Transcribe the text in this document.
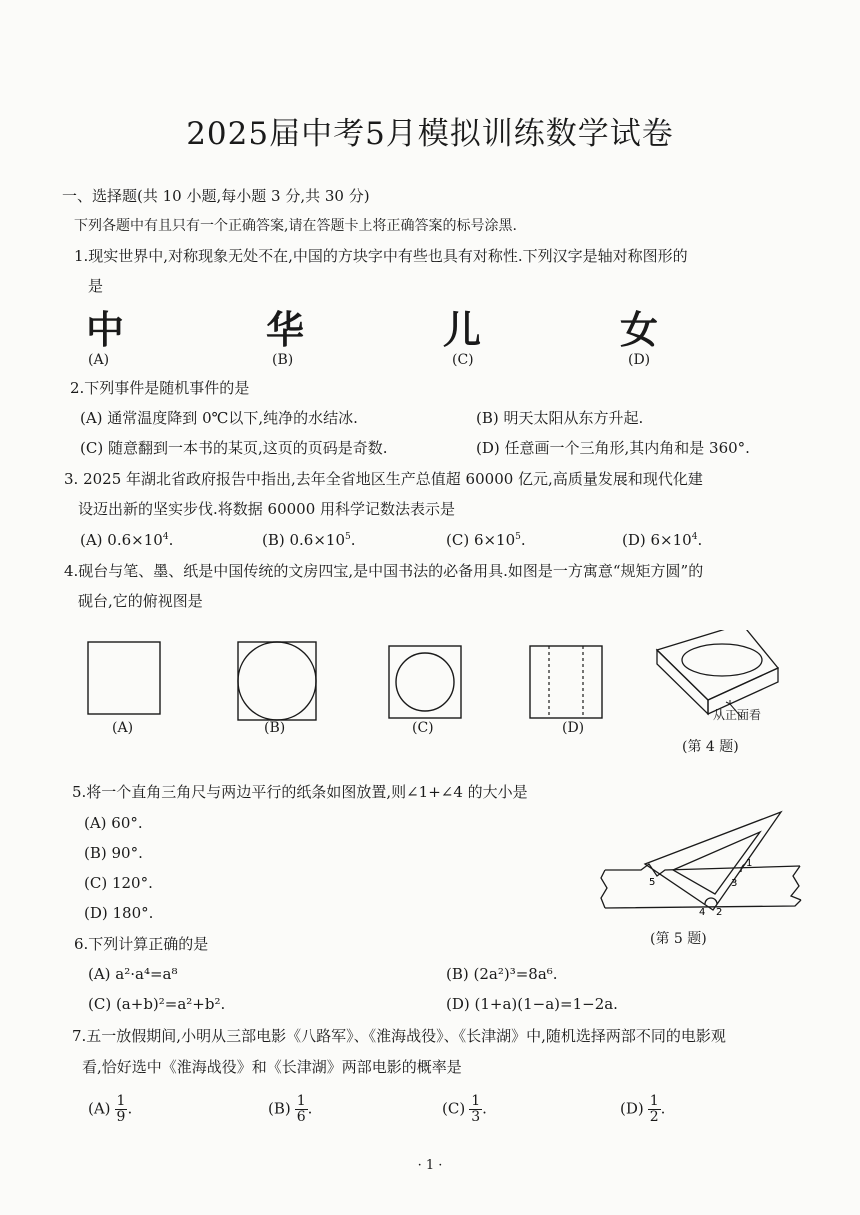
2025届中考5月模拟训练数学试卷
一、选择题(共 10 小题,每小题 3 分,共 30 分)
下列各题中有且只有一个正确答案,请在答题卡上将正确答案的标号涂黑.
1.现实世界中,对称现象无处不在,中国的方块字中有些也具有对称性.下列汉字是轴对称图形的
是
中	华	儿	女
(A)	(B)	(C)	(D)
2.下列事件是随机事件的是
(A) 通常温度降到 0℃以下,纯净的水结冰.	(B) 明天太阳从东方升起.
(C) 随意翻到一本书的某页,这页的页码是奇数.	(D) 任意画一个三角形,其内角和是 360°.
3. 2025 年湖北省政府报告中指出,去年全省地区生产总值超 60000 亿元,高质量发展和现代化建
设迈出新的坚实步伐.将数据 60000 用科学记数法表示是
(A) $0.6\times 10^4$.	(B) $0.6\times 10^5$.	(C) $6\times 10^5$.	(D) $6\times 10^4$.
4.砚台与笔、墨、纸是中国传统的文房四宝,是中国书法的必备用具.如图是一方寓意“规矩方圆”的
砚台,它的俯视图是
(A)	(B)	(C)	(D)
从正面看
(第 4 题)
5.将一个直角三角尺与两边平行的纸条如图放置,则∠1+∠4 的大小是
(A) 60°.
(B) 90°.
(C) 120°.
(D) 180°.
1
2
3
4
5
(第 5 题)
6.下列计算正确的是
(A) a²·a⁴=a⁸	(B) (2a²)³=8a⁶.
(C) (a+b)²=a²+b².	(D) (1+a)(1−a)=1−2a.
7.五一放假期间,小明从三部电影《八路军》、《淮海战役》、《长津湖》中,随机选择两部不同的电影观
看,恰好选中《淮海战役》和《长津湖》两部电影的概率是
$(A) \frac{1}{9}$ .	$(B) \frac{1}{6}$ .	$(C) \frac{1}{3}$ .	$(D) \frac{1}{2}$ .
· 1 ·
